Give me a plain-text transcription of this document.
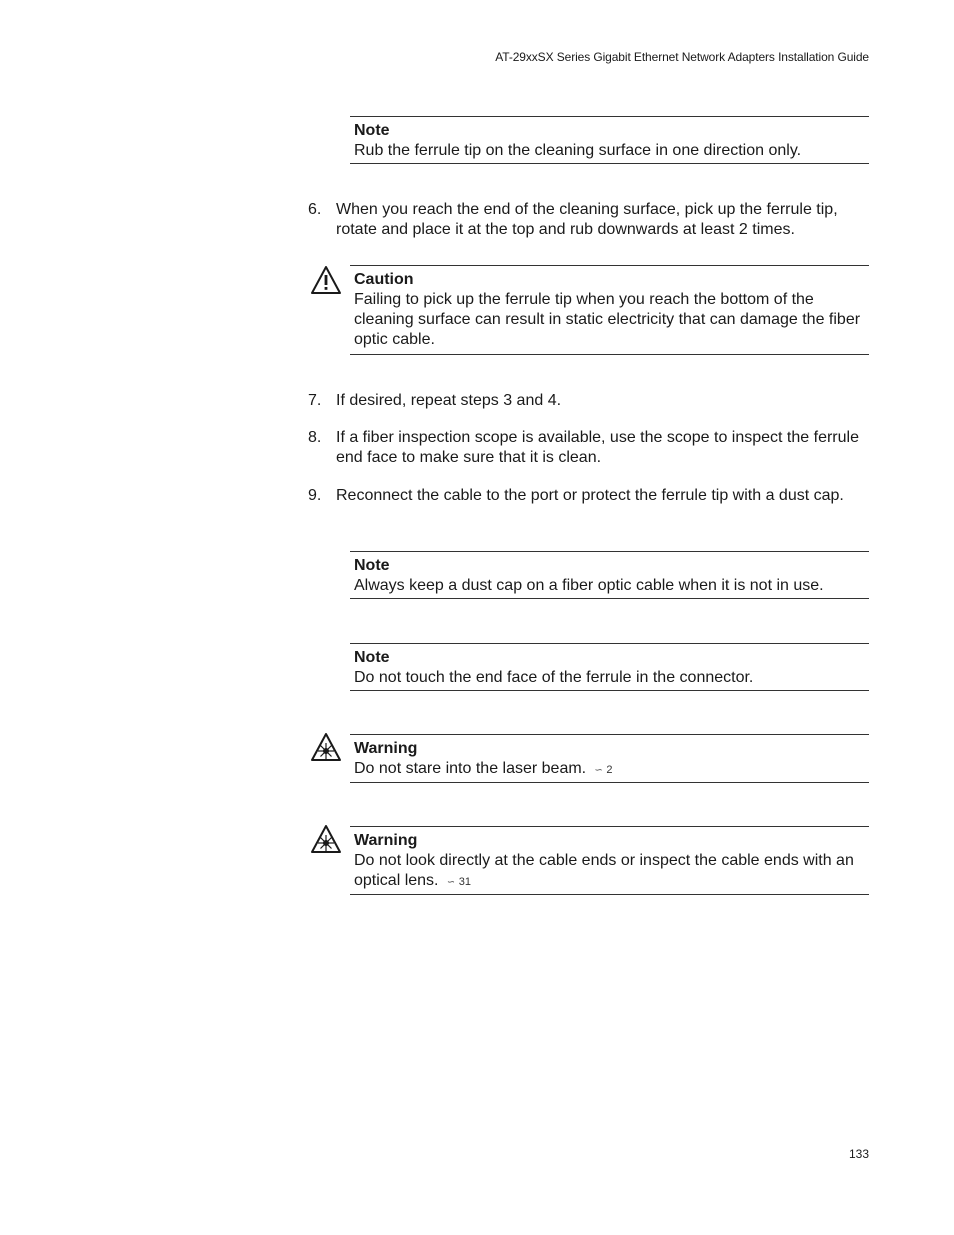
AT-29xxSX Series Gigabit Ethernet Network Adapters Installation Guide
Note
Rub the ferrule tip on the cleaning surface in one direction only.
6. When you reach the end of the cleaning surface, pick up the ferrule tip, rotate and place it at the top and rub downwards at least 2 times.
Caution
Failing to pick up the ferrule tip when you reach the bottom of the cleaning surface can result in static electricity that can damage the fiber optic cable.
7. If desired, repeat steps 3 and 4.
8. If a fiber inspection scope is available, use the scope to inspect the ferrule end face to make sure that it is clean.
9. Reconnect the cable to the port or protect the ferrule tip with a dust cap.
Note
Always keep a dust cap on a fiber optic cable when it is not in use.
Note
Do not touch the end face of the ferrule in the connector.
Warning
Do not stare into the laser beam. ∽ 2
Warning
Do not look directly at the cable ends or inspect the cable ends with an optical lens. ∽ 31
133
